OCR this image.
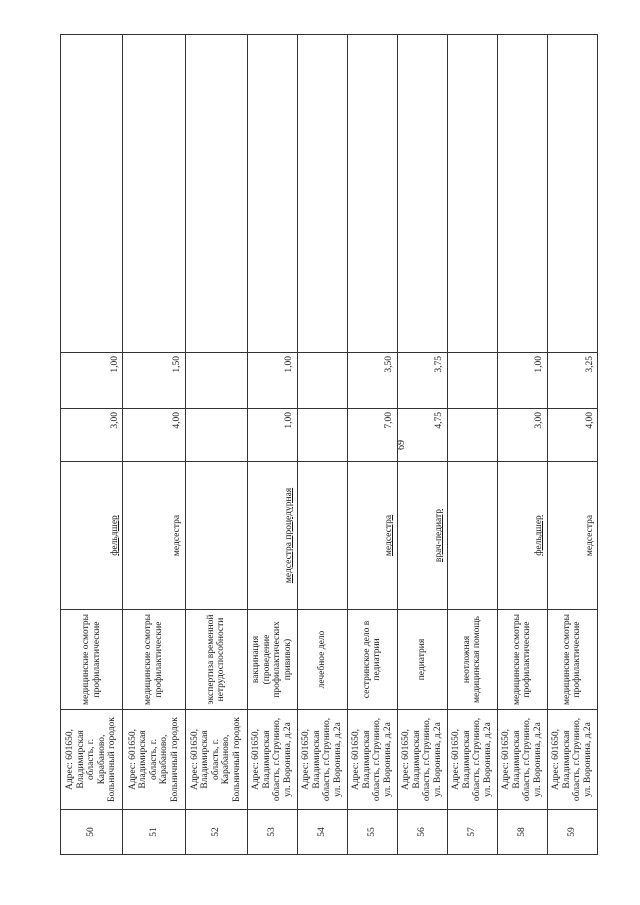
69
50	Адрес: 601650, Владимирская область, г. Карабаново, Больничный городок	медицинские осмотры профилактические	фельдшер	3,00	1,00	
51	Адрес: 601650, Владимирская область, г. Карабаново, Больничный городок	медицинские осмотры профилактические	медсестра	4,00	1,50	
52	Адрес: 601650, Владимирская область, г. Карабаново, Больничный городок	экспертиза временной нетрудоспособности				
53	Адрес: 601650, Владимирская область, г.Струнино, ул. Воронина, д.2а	вакцинация (проведение профилактических прививок)	медсестра процедурная	1,00	1,00	
54	Адрес: 601650, Владимирская область, г.Струнино, ул. Воронина, д.2а	лечебное дело				
55	Адрес: 601650, Владимирская область, г.Струнино, ул. Воронина, д.2а	сестринское дело в педиатрии	медсестра	7,00	3,50	
56	Адрес: 601650, Владимирская область, г.Струнино, ул. Воронина, д.2а	педиатрия	врач-педиатр	4,75	3,75	
57	Адрес: 601650, Владимирская область, г.Струнино, ул. Воронина, д.2а	неотложная медицинская помощь				
58	Адрес: 601650, Владимирская область, г.Струнино, ул. Воронина, д.2а	медицинские осмотры профилактические	фельдшер	3,00	1,00	
59	Адрес: 601650, Владимирская область, г.Струнино, ул. Воронина, д.2а	медицинские осмотры профилактические	медсестра	4,00	3,25	
